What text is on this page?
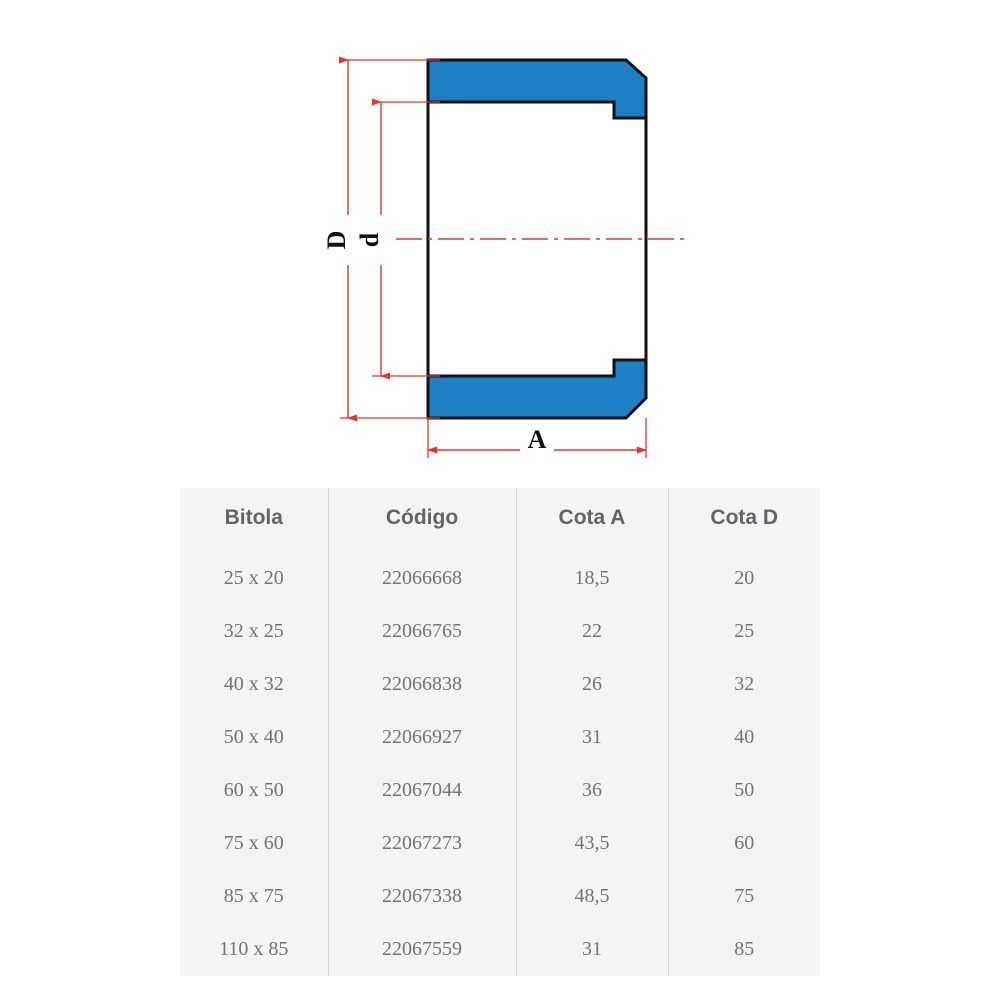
D d
A
Bitola	Código	Cota A	Cota D
25 x 20	22066668	18,5	20
32 x 25	22066765	22	25
40 x 32	22066838	26	32
50 x 40	22066927	31	40
60 x 50	22067044	36	50
75 x 60	22067273	43,5	60
85 x 75	22067338	48,5	75
110 x 85	22067559	31	85
